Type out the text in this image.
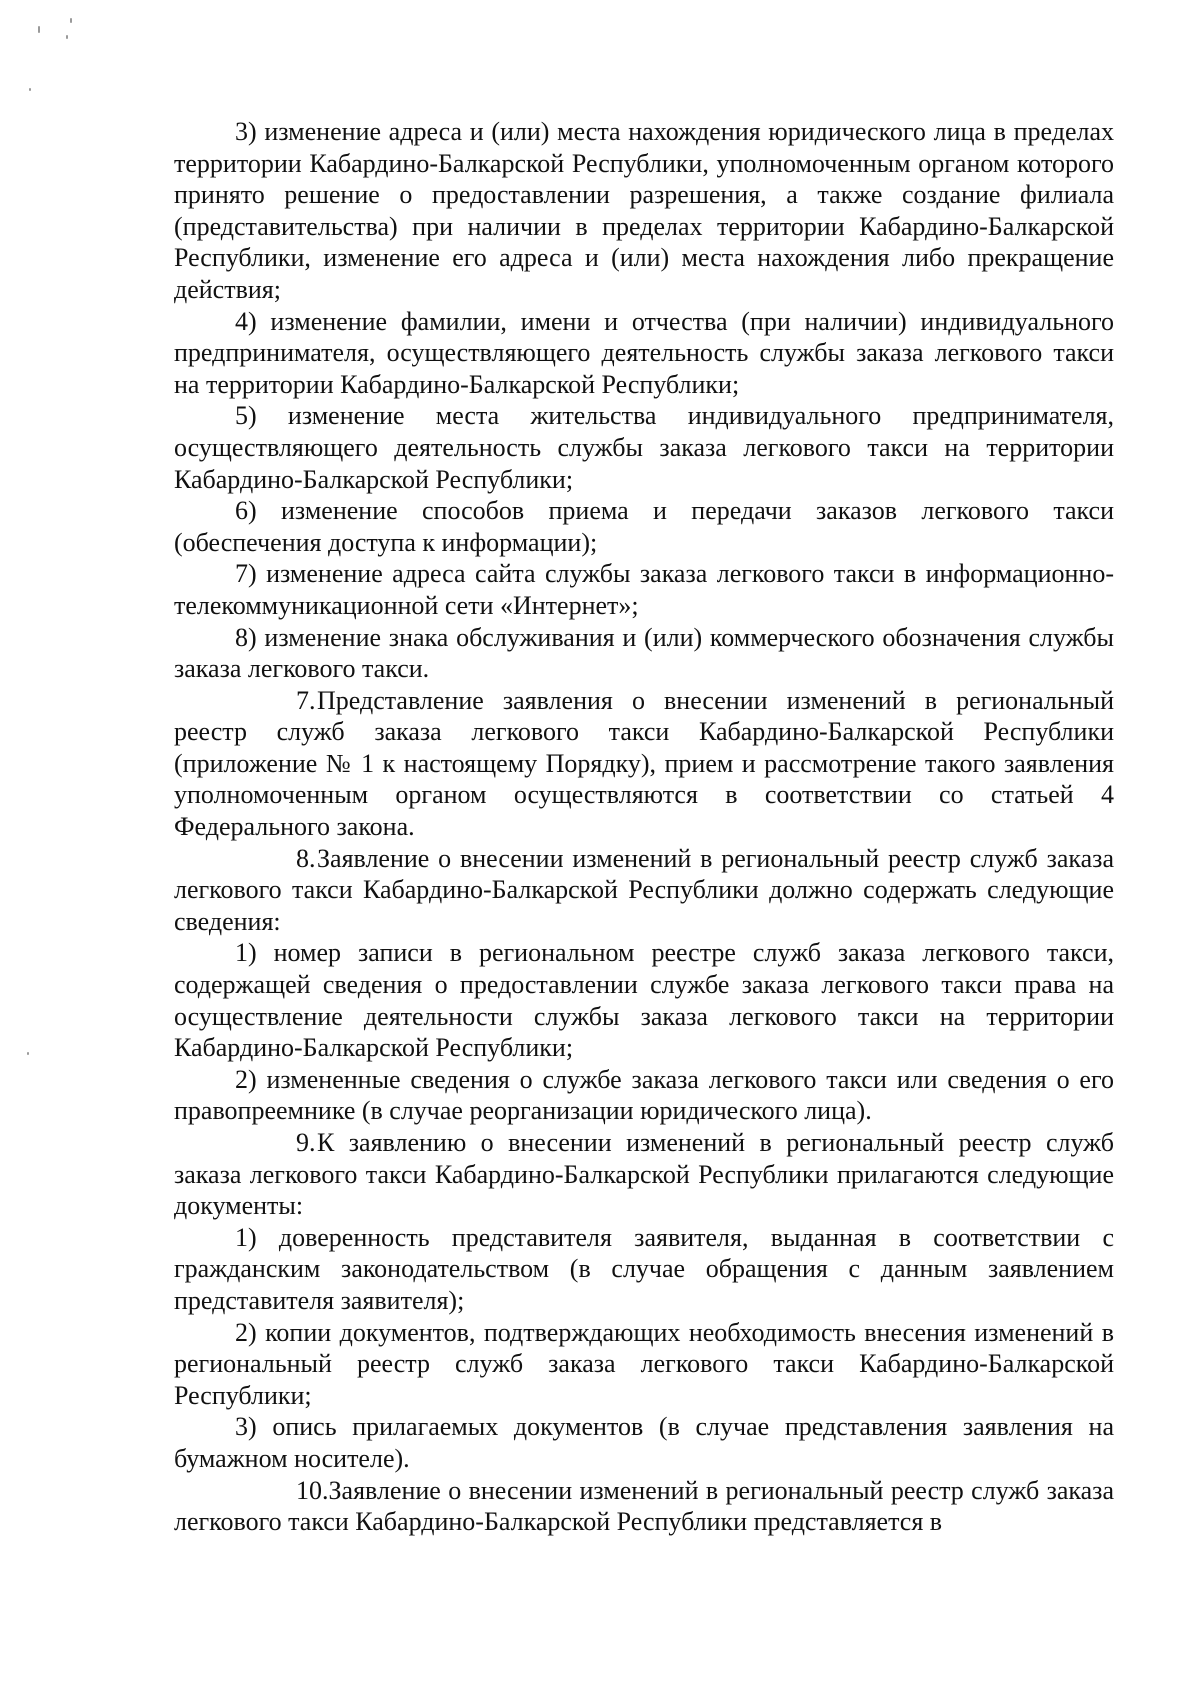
3) изменение адреса и (или) места нахождения юридического лица в пределах территории Кабардино-Балкарской Республики, уполномоченным органом которого принято решение о предоставлении разрешения, а также создание филиала (представительства) при наличии в пределах территории Кабардино-Балкарской Республики, изменение его адреса и (или) места нахождения либо прекращение действия;

4) изменение фамилии, имени и отчества (при наличии) индивидуального предпринимателя, осуществляющего деятельность службы заказа легкового такси на территории Кабардино-Балкарской Республики;

5) изменение места жительства индивидуального предпринимателя, осуществляющего деятельность службы заказа легкового такси на территории Кабардино-Балкарской Республики;

6) изменение способов приема и передачи заказов легкового такси (обеспечения доступа к информации);

7) изменение адреса сайта службы заказа легкового такси в информационно-телекоммуникационной сети «Интернет»;

8) изменение знака обслуживания и (или) коммерческого обозначения службы заказа легкового такси.

7.Представление заявления о внесении изменений в региональный реестр служб заказа легкового такси Кабардино-Балкарской Республики (приложение № 1 к настоящему Порядку), прием и рассмотрение такого заявления уполномоченным органом осуществляются в соответствии со статьей 4 Федерального закона.

8.Заявление о внесении изменений в региональный реестр служб заказа легкового такси Кабардино-Балкарской Республики должно содержать следующие сведения:

1) номер записи в региональном реестре служб заказа легкового такси, содержащей сведения о предоставлении службе заказа легкового такси права на осуществление деятельности службы заказа легкового такси на территории Кабардино-Балкарской Республики;

2) измененные сведения о службе заказа легкового такси или сведения о его правопреемнике (в случае реорганизации юридического лица).

9.К заявлению о внесении изменений в региональный реестр служб заказа легкового такси Кабардино-Балкарской Республики прилагаются следующие документы:

1) доверенность представителя заявителя, выданная в соответствии с гражданским законодательством (в случае обращения с данным заявлением представителя заявителя);

2) копии документов, подтверждающих необходимость внесения изменений в региональный реестр служб заказа легкового такси Кабардино-Балкарской Республики;

3) опись прилагаемых документов (в случае представления заявления на бумажном носителе).

10.Заявление о внесении изменений в региональный реестр служб заказа легкового такси Кабардино-Балкарской Республики представляется в
